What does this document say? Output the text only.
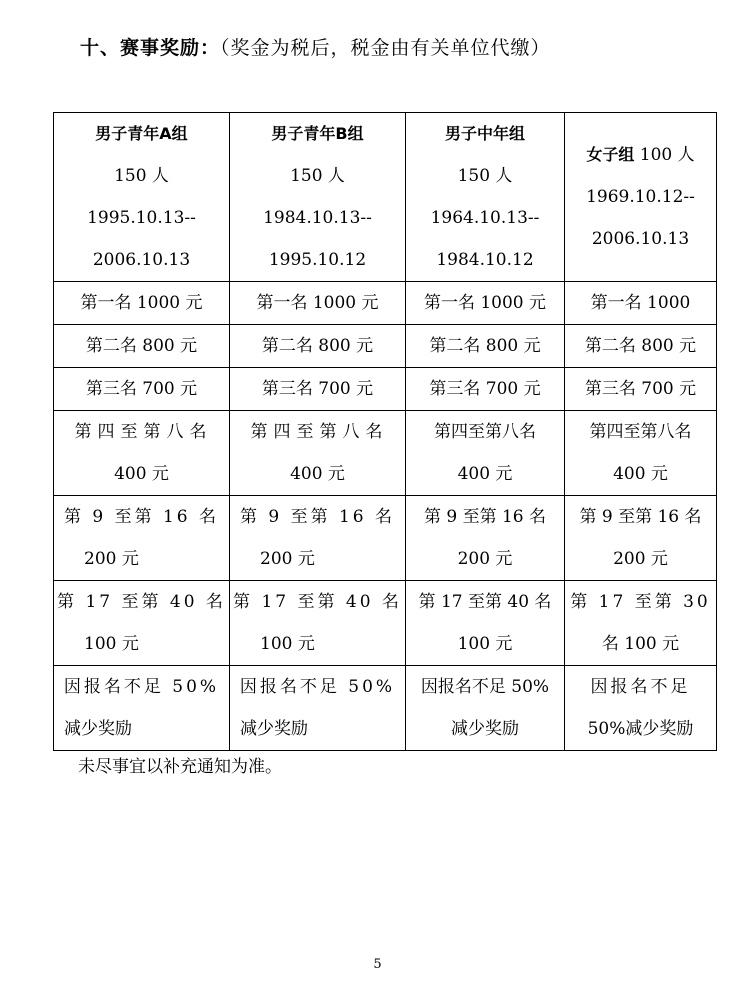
十、赛事奖励：（奖金为税后，税金由有关单位代缴）
男子青年A组
150 人
1995.10.13--
2006.10.13	男子青年B组
150 人
1984.10.13--
1995.10.12	男子中年组
150 人
1964.10.13--
1984.10.12	女子组 100 人
1969.10.12--
2006.10.13

第一名 1000 元	第一名 1000 元	第一名 1000 元	第一名 1000
第二名 800 元	第二名 800 元	第二名 800 元	第二名 800 元
第三名 700 元	第三名 700 元	第三名 700 元	第三名 700 元

第四至第八名
400 元	第四至第八名
400 元	第四至第八名
400 元	第四至第八名
400 元

第 9 至第 16 名
200 元	第 9 至第 16 名
200 元	第 9 至第 16 名
200 元	第 9 至第 16 名
200 元

第 17 至第 40 名
100 元	第 17 至第 40 名
100 元	第 17 至第 40 名
100 元	第 17 至第 30
名 100 元

因报名不足 50%
减少奖励	因报名不足 50%
减少奖励	因报名不足 50%
减少奖励	因报名不足
50%减少奖励
未尽事宜以补充通知为准。
5
